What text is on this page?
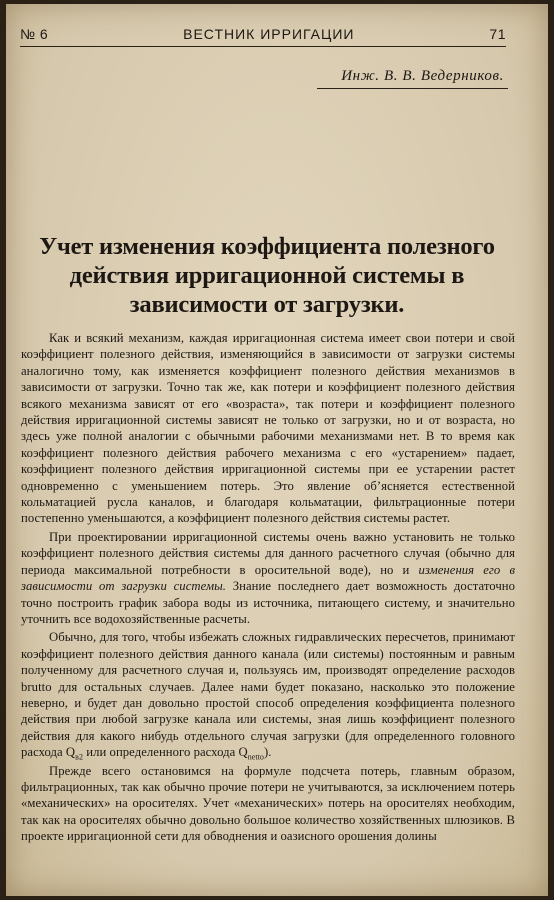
№ 6	ВЕСТНИК ИРРИГАЦИИ	71
Инж. В. В. Ведерников.
Учет изменения коэффициента полезного действия ирригационной системы в зависимости от загрузки.

Как и всякий механизм, каждая ирригационная система имеет свои потери и свой коэффициент полезного действия, изменяющийся в зависимости от загрузки системы аналогично тому, как изменяется коэффициент полезного действия механизмов в зависимости от загрузки. Точно так же, как потери и коэффициент полезного действия всякого механизма зависят от его «возраста», так потери и коэффициент полезного действия ирригационной системы зависят не только от загрузки, но и от возраста, но здесь уже полной аналогии с обычными рабочими механизмами нет. В то время как коэффициент полезного действия рабочего механизма с его «устарением» падает, коэффициент полезного действия ирригационной системы при ее устарении растет одновременно с уменьшением потерь. Это явление об’ясняется естественной кольматацией русла каналов, и благодаря кольматации, фильтрационные потери постепенно уменьшаются, а коэффициент полезного действия системы растет.

При проектировании ирригационной системы очень важно установить не только коэффициент полезного действия системы для данного расчетного случая (обычно для периода максимальной потребности в оросительной воде), но и изменения его в зависимости от загрузки системы. Знание последнего дает возможность достаточно точно построить график забора воды из источника, питающего систему, и значительно уточнить все водохозяйственные расчеты.

Обычно, для того, чтобы избежать сложных гидравлических пересчетов, принимают коэффициент полезного действия данного канала (или системы) постоянным и равным полученному для расчетного случая и, пользуясь им, производят определение расходов brutto для остальных случаев. Далее нами будет показано, насколько это положение неверно, и будет дан довольно простой способ определения коэффициента полезного действия при любой загрузке канала или системы, зная лишь коэффициент полезного действия для какого нибудь отдельного случая загрузки (для определенного головного расхода $Q_{в2}$ или определенного расхода $Q_{netto}$).

Прежде всего остановимся на формуле подсчета потерь, главным образом, фильтрационных, так как обычно прочие потери не учитываются, за исключением потерь «механических» на оросителях. Учет «механических» потерь на оросителях необходим, так как на оросителях обычно довольно большое количество хозяйственных шлюзиков. В проекте ирригационной сети для обводнения и оазисного орошения долины
